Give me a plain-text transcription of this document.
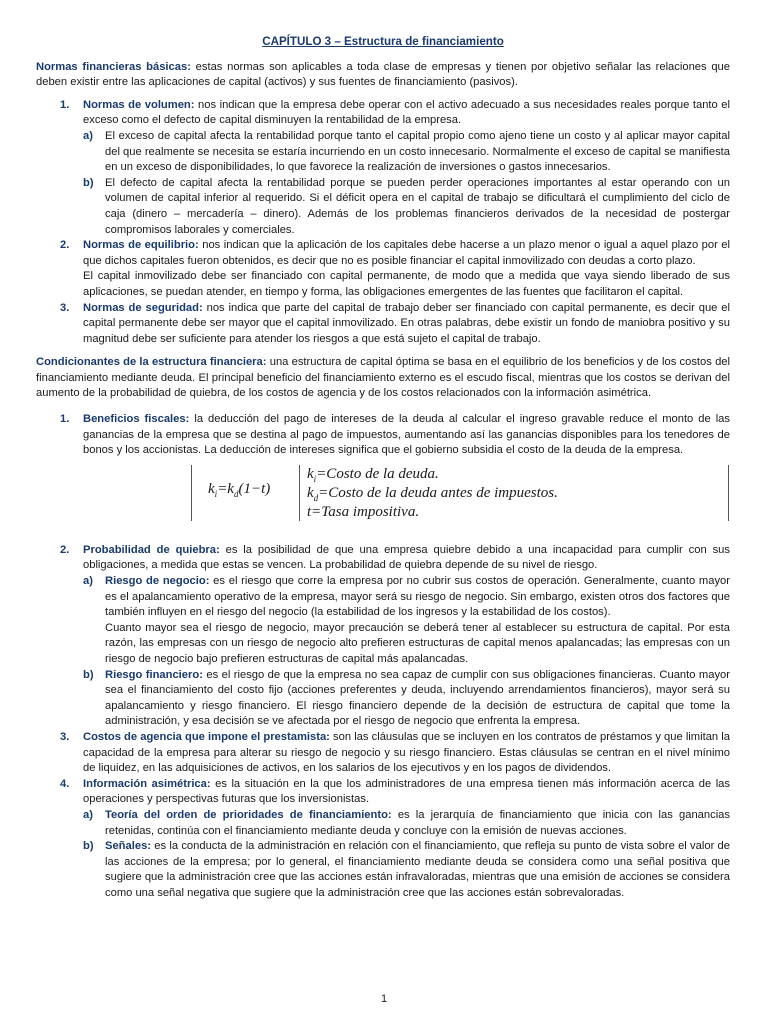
CAPÍTULO 3 – Estructura de financiamiento

Normas financieras básicas: estas normas son aplicables a toda clase de empresas y tienen por objetivo señalar las relaciones que deben existir entre las aplicaciones de capital (activos) y sus fuentes de financiamiento (pasivos).

1. Normas de volumen: nos indican que la empresa debe operar con el activo adecuado a sus necesidades reales porque tanto el exceso como el defecto de capital disminuyen la rentabilidad de la empresa.
a) El exceso de capital afecta la rentabilidad porque tanto el capital propio como ajeno tiene un costo y al aplicar mayor capital del que realmente se necesita se estaría incurriendo en un costo innecesario. Normalmente el exceso de capital se manifiesta en un exceso de disponibilidades, lo que favorece la realización de inversiones o gastos innecesarios.
b) El defecto de capital afecta la rentabilidad porque se pueden perder operaciones importantes al estar operando con un volumen de capital inferior al requerido. Si el déficit opera en el capital de trabajo se dificultará el cumplimiento del ciclo de caja (dinero – mercadería – dinero). Además de los problemas financieros derivados de la necesidad de postergar compromisos laborales y comerciales.
2. Normas de equilibrio: nos indican que la aplicación de los capitales debe hacerse a un plazo menor o igual a aquel plazo por el que dichos capitales fueron obtenidos, es decir que no es posible financiar el capital inmovilizado con deudas a corto plazo.
El capital inmovilizado debe ser financiado con capital permanente, de modo que a medida que vaya siendo liberado de sus aplicaciones, se puedan atender, en tiempo y forma, las obligaciones emergentes de las fuentes que facilitaron el capital.
3. Normas de seguridad: nos indica que parte del capital de trabajo deber ser financiado con capital permanente, es decir que el capital permanente debe ser mayor que el capital inmovilizado. En otras palabras, debe existir un fondo de maniobra positivo y su magnitud debe ser suficiente para atender los riesgos a que está sujeto el capital de trabajo.

Condicionantes de la estructura financiera: una estructura de capital óptima se basa en el equilibrio de los beneficios y de los costos del financiamiento mediante deuda. El principal beneficio del financiamiento externo es el escudo fiscal, mientras que los costos se derivan del aumento de la probabilidad de quiebra, de los costos de agencia y de los costos relacionados con la información asimétrica.

1. Beneficios fiscales: la deducción del pago de intereses de la deuda al calcular el ingreso gravable reduce el monto de las ganancias de la empresa que se destina al pago de impuestos, aumentando así las ganancias disponibles para los tenedores de bonos y los accionistas. La deducción de intereses significa que el gobierno subsidia el costo de la deuda de la empresa.
$k_i=k_d(1-t)$
$k_i=Costo$ de la deuda.
$k_d=Costo$ de la deuda antes de impuestos.
t=Tasa impositiva.
2. Probabilidad de quiebra: es la posibilidad de que una empresa quiebre debido a una incapacidad para cumplir con sus obligaciones, a medida que estas se vencen. La probabilidad de quiebra depende de su nivel de riesgo.
a) Riesgo de negocio: es el riesgo que corre la empresa por no cubrir sus costos de operación. Generalmente, cuanto mayor es el apalancamiento operativo de la empresa, mayor será su riesgo de negocio. Sin embargo, existen otros dos factores que también influyen en el riesgo del negocio (la estabilidad de los ingresos y la estabilidad de los costos).
Cuanto mayor sea el riesgo de negocio, mayor precaución se deberá tener al establecer su estructura de capital. Por esta razón, las empresas con un riesgo de negocio alto prefieren estructuras de capital menos apalancadas; las empresas con un riesgo de negocio bajo prefieren estructuras de capital más apalancadas.
b) Riesgo financiero: es el riesgo de que la empresa no sea capaz de cumplir con sus obligaciones financieras. Cuanto mayor sea el financiamiento del costo fijo (acciones preferentes y deuda, incluyendo arrendamientos financieros), mayor será su apalancamiento y riesgo financiero. El riesgo financiero depende de la decisión de estructura de capital que tome la administración, y esa decisión se ve afectada por el riesgo de negocio que enfrenta la empresa.
3. Costos de agencia que impone el prestamista: son las cláusulas que se incluyen en los contratos de préstamos y que limitan la capacidad de la empresa para alterar su riesgo de negocio y su riesgo financiero. Estas cláusulas se centran en el nivel mínimo de liquidez, en las adquisiciones de activos, en los salarios de los ejecutivos y en los pagos de dividendos.
4. Información asimétrica: es la situación en la que los administradores de una empresa tienen más información acerca de las operaciones y perspectivas futuras que los inversionistas.
a) Teoría del orden de prioridades de financiamiento: es la jerarquía de financiamiento que inicia con las ganancias retenidas, continúa con el financiamiento mediante deuda y concluye con la emisión de nuevas acciones.
b) Señales: es la conducta de la administración en relación con el financiamiento, que refleja su punto de vista sobre el valor de las acciones de la empresa; por lo general, el financiamiento mediante deuda se considera como una señal positiva que sugiere que la administración cree que las acciones están infravaloradas, mientras que una emisión de acciones se considera como una señal negativa que sugiere que la administración cree que las acciones están sobrevaloradas.
1
